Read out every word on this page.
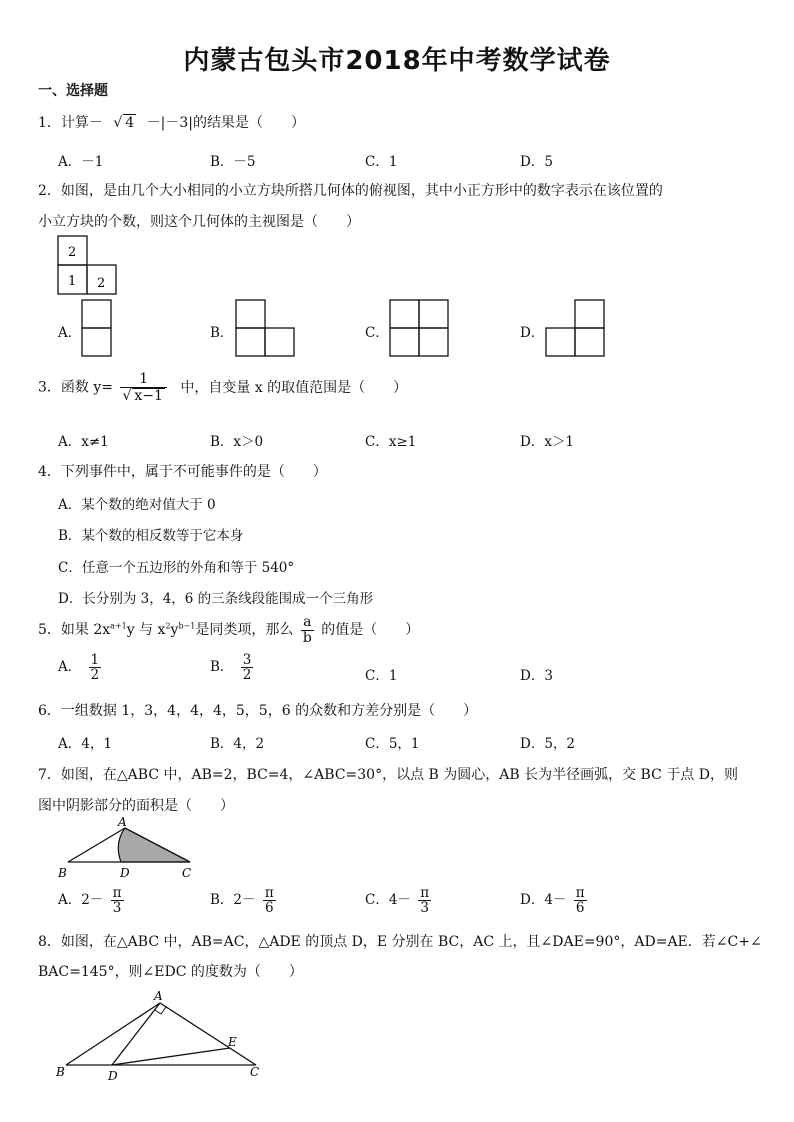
内蒙古包头市2018年中考数学试卷
一、选择题
1．计算－ √ 4 －|－3|的结果是（　　）
A．－1	B．－5	C．1	D．5
2．如图，是由几个大小相同的小立方块所搭几何体的俯视图，其中小正方形中的数字表示在该位置的
小立方块的个数，则这个几何体的主视图是（　　）
2
1 2
A．	B．	C．	D．
3．函数 $y= \frac{1}{√ x-1}$ 中，自变量 x 的取值范围是（　　）
A．x≠1	B．x＞0	C．x≥1	D．x＞1
4．下列事件中，属于不可能事件的是（　　）
A．某个数的绝对值大于 0
B．某个数的相反数等于它本身
C．任意一个五边形的外角和等于 540°
D．长分别为 3，4，6 的三条线段能围成一个三角形
5．如果 $2x^{a+1}y$ 与 $x^2y^{b-1}$是同类项，那么 $\frac{a}{b}$ 的值是（　　）
A． $\frac{1}{2}$	B． $\frac{3}{2}$	C．1	D．3
6．一组数据 1，3，4，4，4，5，5，6 的众数和方差分别是（　　）
A．4，1	B．4，2	C．5，1	D．5，2
7．如图，在△ABC 中，AB=2，BC=4，∠ABC=30°，以点 B 为圆心，AB 长为半径画弧，交 BC 于点 D，则
图中阴影部分的面积是（　　）
A
B	D	C
A．$2- \frac{\pi}{3}$	B．$2- \frac{\pi}{6}$	C．$4- \frac{\pi}{3}$	D．$4- \frac{\pi}{6}$
8．如图，在△ABC 中，AB=AC，△ADE 的顶点 D，E 分别在 BC，AC 上，且∠DAE=90°，AD=AE．若∠C+∠
BAC=145°，则∠EDC 的度数为（　　）
A
B	D
E
C
